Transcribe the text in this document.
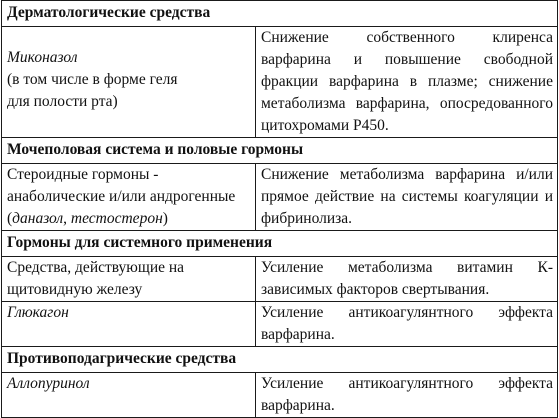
Дерматологические средства	

Миконазол
(в том числе в форме геля
для полости рта)	Снижение собственного клиренса варфарина и повышение свободной фракции варфарина в плазме; снижение метаболизма варфарина, опосредованного цитохромами Р450.
Мочеполовая система и половые гормоны	
Стероидные гормоны -
анаболические и/или андрогенные
(даназол, тестостерон)	Снижение метаболизма варфарина и/или прямое действие на системы коагуляции и фибринолиза.
Гормоны для системного применения	
Средства, действующие на
щитовидную железу	Усиление метаболизма витамин К-зависимых факторов свертывания.
Глюкагон	Усиление антикоагулянтного эффекта варфарина.
Противоподагрические средства	
Аллопуринол	Усиление антикоагулянтного эффекта варфарина.
